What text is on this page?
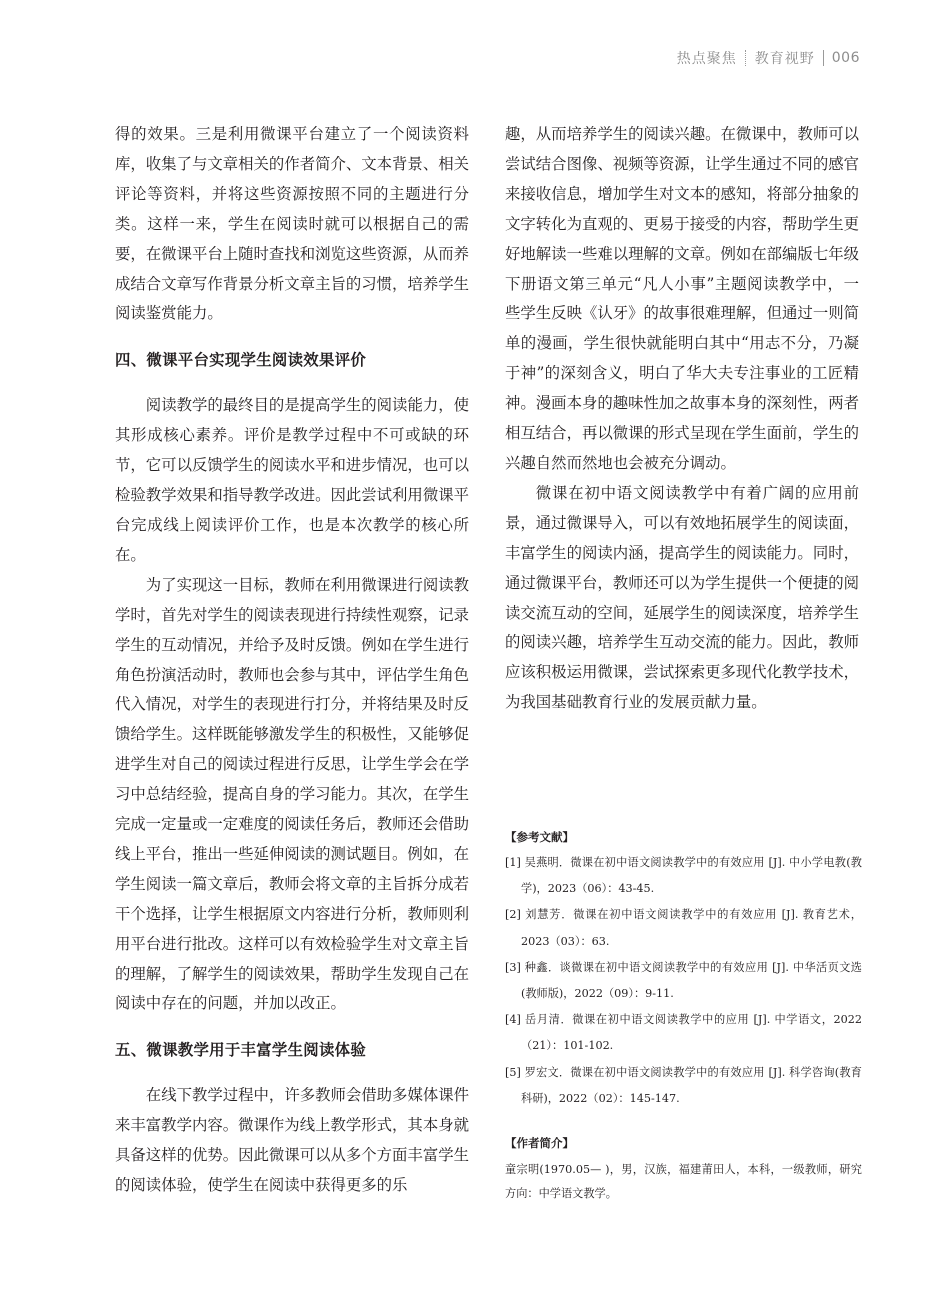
热点聚焦 教育视野 006

得的效果。三是利用微课平台建立了一个阅读资料库，收集了与文章相关的作者简介、文本背景、相关评论等资料，并将这些资源按照不同的主题进行分类。这样一来，学生在阅读时就可以根据自己的需要，在微课平台上随时查找和浏览这些资源，从而养成结合文章写作背景分析文章主旨的习惯，培养学生阅读鉴赏能力。

四、微课平台实现学生阅读效果评价

阅读教学的最终目的是提高学生的阅读能力，使其形成核心素养。评价是教学过程中不可或缺的环节，它可以反馈学生的阅读水平和进步情况，也可以检验教学效果和指导教学改进。因此尝试利用微课平台完成线上阅读评价工作，也是本次教学的核心所在。

为了实现这一目标，教师在利用微课进行阅读教学时，首先对学生的阅读表现进行持续性观察，记录学生的互动情况，并给予及时反馈。例如在学生进行角色扮演活动时，教师也会参与其中，评估学生角色代入情况，对学生的表现进行打分，并将结果及时反馈给学生。这样既能够激发学生的积极性，又能够促进学生对自己的阅读过程进行反思，让学生学会在学习中总结经验，提高自身的学习能力。其次，在学生完成一定量或一定难度的阅读任务后，教师还会借助线上平台，推出一些延伸阅读的测试题目。例如，在学生阅读一篇文章后，教师会将文章的主旨拆分成若干个选择，让学生根据原文内容进行分析，教师则利用平台进行批改。这样可以有效检验学生对文章主旨的理解，了解学生的阅读效果，帮助学生发现自己在阅读中存在的问题，并加以改正。

五、微课教学用于丰富学生阅读体验

在线下教学过程中，许多教师会借助多媒体课件来丰富教学内容。微课作为线上教学形式，其本身就具备这样的优势。因此微课可以从多个方面丰富学生的阅读体验，使学生在阅读中获得更多的乐

趣，从而培养学生的阅读兴趣。在微课中，教师可以尝试结合图像、视频等资源，让学生通过不同的感官来接收信息，增加学生对文本的感知，将部分抽象的文字转化为直观的、更易于接受的内容，帮助学生更好地解读一些难以理解的文章。例如在部编版七年级下册语文第三单元“凡人小事”主题阅读教学中，一些学生反映《认牙》的故事很难理解，但通过一则简单的漫画，学生很快就能明白其中“用志不分，乃凝于神”的深刻含义，明白了华大夫专注事业的工匠精神。漫画本身的趣味性加之故事本身的深刻性，两者相互结合，再以微课的形式呈现在学生面前，学生的兴趣自然而然地也会被充分调动。

微课在初中语文阅读教学中有着广阔的应用前景，通过微课导入，可以有效地拓展学生的阅读面，丰富学生的阅读内涵，提高学生的阅读能力。同时，通过微课平台，教师还可以为学生提供一个便捷的阅读交流互动的空间，延展学生的阅读深度，培养学生的阅读兴趣，培养学生互动交流的能力。因此，教师应该积极运用微课，尝试探索更多现代化教学技术，为我国基础教育行业的发展贡献力量。

【参考文献】
[1] 吴燕明．微课在初中语文阅读教学中的有效应用 [J]. 中小学电教(教学)，2023（06）：43-45.
[2] 刘慧芳．微课在初中语文阅读教学中的有效应用 [J]. 教育艺术，2023（03）：63.
[3] 种鑫．谈微课在初中语文阅读教学中的有效应用 [J]. 中华活页文选(教师版)，2022（09）：9-11.
[4] 岳月清．微课在初中语文阅读教学中的应用 [J]. 中学语文，2022（21）：101-102.
[5] 罗宏文．微课在初中语文阅读教学中的有效应用 [J]. 科学咨询(教育科研)，2022（02）：145-147.
【作者简介】
童宗明(1970.05— )，男，汉族，福建莆田人，本科，一级教师，研究方向：中学语文教学。
